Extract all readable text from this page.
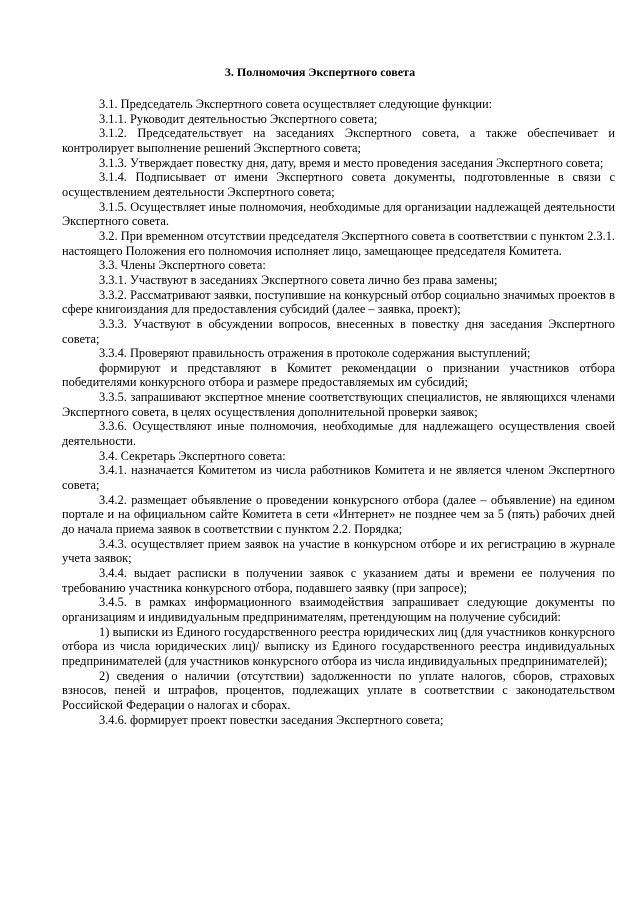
3. Полномочия Экспертного совета

3.1. Председатель Экспертного совета осуществляет следующие функции:

3.1.1. Руководит деятельностью Экспертного совета;

3.1.2. Председательствует на заседаниях Экспертного совета, а также обеспечивает и контролирует выполнение решений Экспертного совета;

3.1.3. Утверждает повестку дня, дату, время и место проведения заседания Экспертного совета;

3.1.4. Подписывает от имени Экспертного совета документы, подготовленные в связи с осуществлением деятельности Экспертного совета;

3.1.5. Осуществляет иные полномочия, необходимые для организации надлежащей деятельности Экспертного совета.

3.2. При временном отсутствии председателя Экспертного совета в соответствии с пунктом 2.3.1. настоящего Положения его полномочия исполняет лицо, замещающее председателя Комитета.

3.3. Члены Экспертного совета:

3.3.1. Участвуют в заседаниях Экспертного совета лично без права замены;

3.3.2. Рассматривают заявки, поступившие на конкурсный отбор социально значимых проектов в сфере книгоиздания для предоставления субсидий (далее – заявка, проект);

3.3.3. Участвуют в обсуждении вопросов, внесенных в повестку дня заседания Экспертного совета;

3.3.4. Проверяют правильность отражения в протоколе содержания выступлений;

формируют и представляют в Комитет рекомендации о признании участников отбора победителями конкурсного отбора и размере предоставляемых им субсидий;

3.3.5. запрашивают экспертное мнение соответствующих специалистов, не являющихся членами Экспертного совета, в целях осуществления дополнительной проверки заявок;

3.3.6. Осуществляют иные полномочия, необходимые для надлежащего осуществления своей деятельности.

3.4. Секретарь Экспертного совета:

3.4.1. назначается Комитетом из числа работников Комитета и не является членом Экспертного совета;

3.4.2. размещает объявление о проведении конкурсного отбора (далее – объявление) на едином портале и на официальном сайте Комитета в сети «Интернет» не позднее чем за 5 (пять) рабочих дней до начала приема заявок в соответствии с пунктом 2.2. Порядка;

3.4.3. осуществляет прием заявок на участие в конкурсном отборе и их регистрацию в журнале учета заявок;

3.4.4. выдает расписки в получении заявок с указанием даты и времени ее получения по требованию участника конкурсного отбора, подавшего заявку (при запросе);

3.4.5. в рамках информационного взаимодействия запрашивает следующие документы по организациям и индивидуальным предпринимателям, претендующим на получение субсидий:

1) выписки из Единого государственного реестра юридических лиц (для участников конкурсного отбора из числа юридических лиц)/ выписку из Единого государственного реестра индивидуальных предпринимателей (для участников конкурсного отбора из числа индивидуальных предпринимателей);

2) сведения о наличии (отсутствии) задолженности по уплате налогов, сборов, страховых взносов, пеней и штрафов, процентов, подлежащих уплате в соответствии с законодательством Российской Федерации о налогах и сборах.

3.4.6. формирует проект повестки заседания Экспертного совета;
